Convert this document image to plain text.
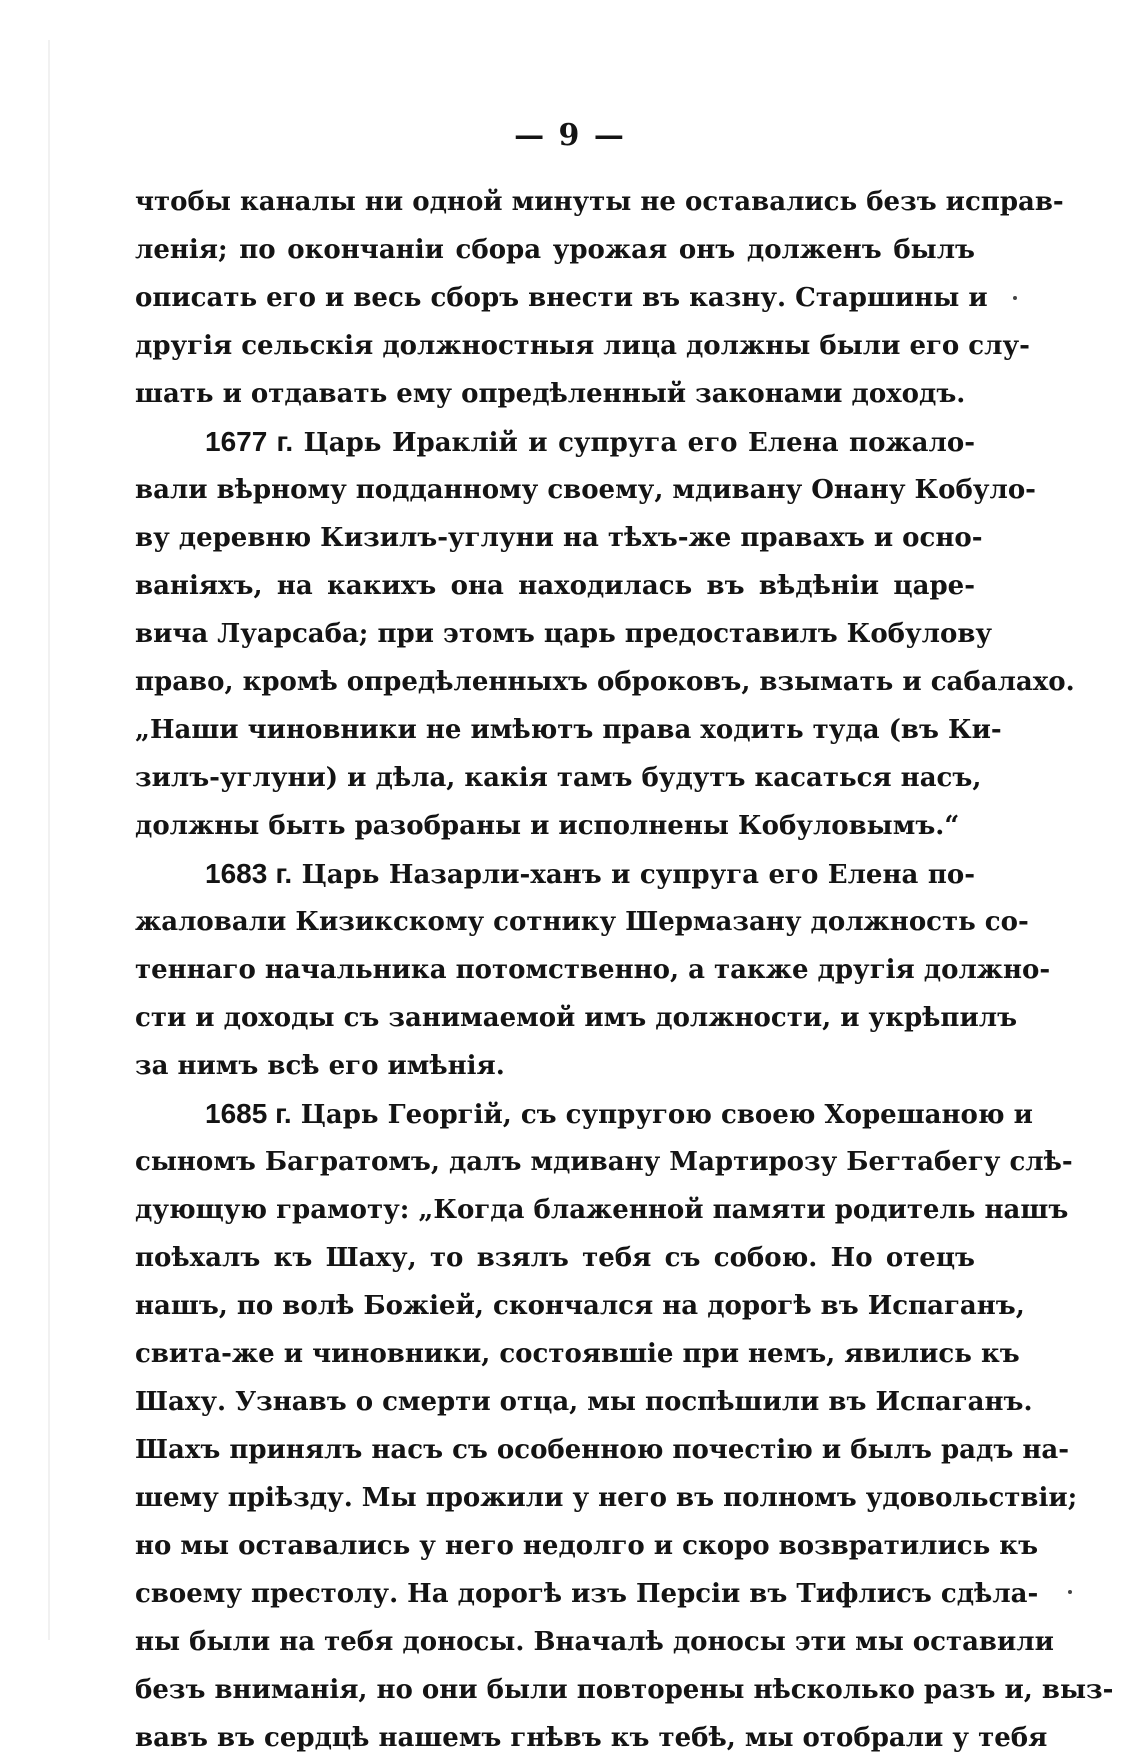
— 9 —
чтобы каналы ни одной минуты не оставались безъ исправ-
ленія; по окончаніи сбора урожая онъ долженъ былъ
описать его и весь сборъ внести въ казну. Старшины и
другія сельскія должностныя лица должны были его слу-
шать и отдавать ему опредѣленный законами доходъ.
1677 г. Царь Ираклій и супруга его Елена пожало-
вали вѣрному подданному своему, мдивану Онану Кобуло-
ву деревню Кизилъ-углуни на тѣхъ-же правахъ и осно-
ваніяхъ, на какихъ она находилась въ вѣдѣніи царе-
вича Луарсаба; при этомъ царь предоставилъ Кобулову
право, кромѣ опредѣленныхъ оброковъ, взымать и сабалахо.
„Наши чиновники не имѣютъ права ходить туда (въ Ки-
зилъ-углуни) и дѣла, какія тамъ будутъ касаться насъ,
должны быть разобраны и исполнены Кобуловымъ.“
1683 г. Царь Назарли-ханъ и супруга его Елена по-
жаловали Кизикскому сотнику Шермазану должность со-
теннаго начальника потомственно, а также другія должно-
сти и доходы съ занимаемой имъ должности, и укрѣпилъ
за нимъ всѣ его имѣнія.
1685 г. Царь Георгій, съ супругою своею Хорешаною и
сыномъ Багратомъ, далъ мдивану Мартирозу Бегтабегу слѣ-
дующую грамоту: „Когда блаженной памяти родитель нашъ
поѣхалъ къ Шаху, то взялъ тебя съ собою. Но отецъ
нашъ, по волѣ Божіей, скончался на дорогѣ въ Испаганъ,
свита-же и чиновники, состоявшіе при немъ, явились къ
Шаху. Узнавъ о смерти отца, мы поспѣшили въ Испаганъ.
Шахъ принялъ насъ съ особенною почестію и былъ радъ на-
шему пріѣзду. Мы прожили у него въ полномъ удовольствіи;
но мы оставались у него недолго и скоро возвратились къ
своему престолу. На дорогѣ изъ Персіи въ Тифлисъ сдѣла-
ны были на тебя доносы. Вначалѣ доносы эти мы оставили
безъ вниманія, но они были повторены нѣсколько разъ и, выз-
вавъ въ сердцѣ нашемъ гнѣвъ къ тебѣ, мы отобрали у тебя
